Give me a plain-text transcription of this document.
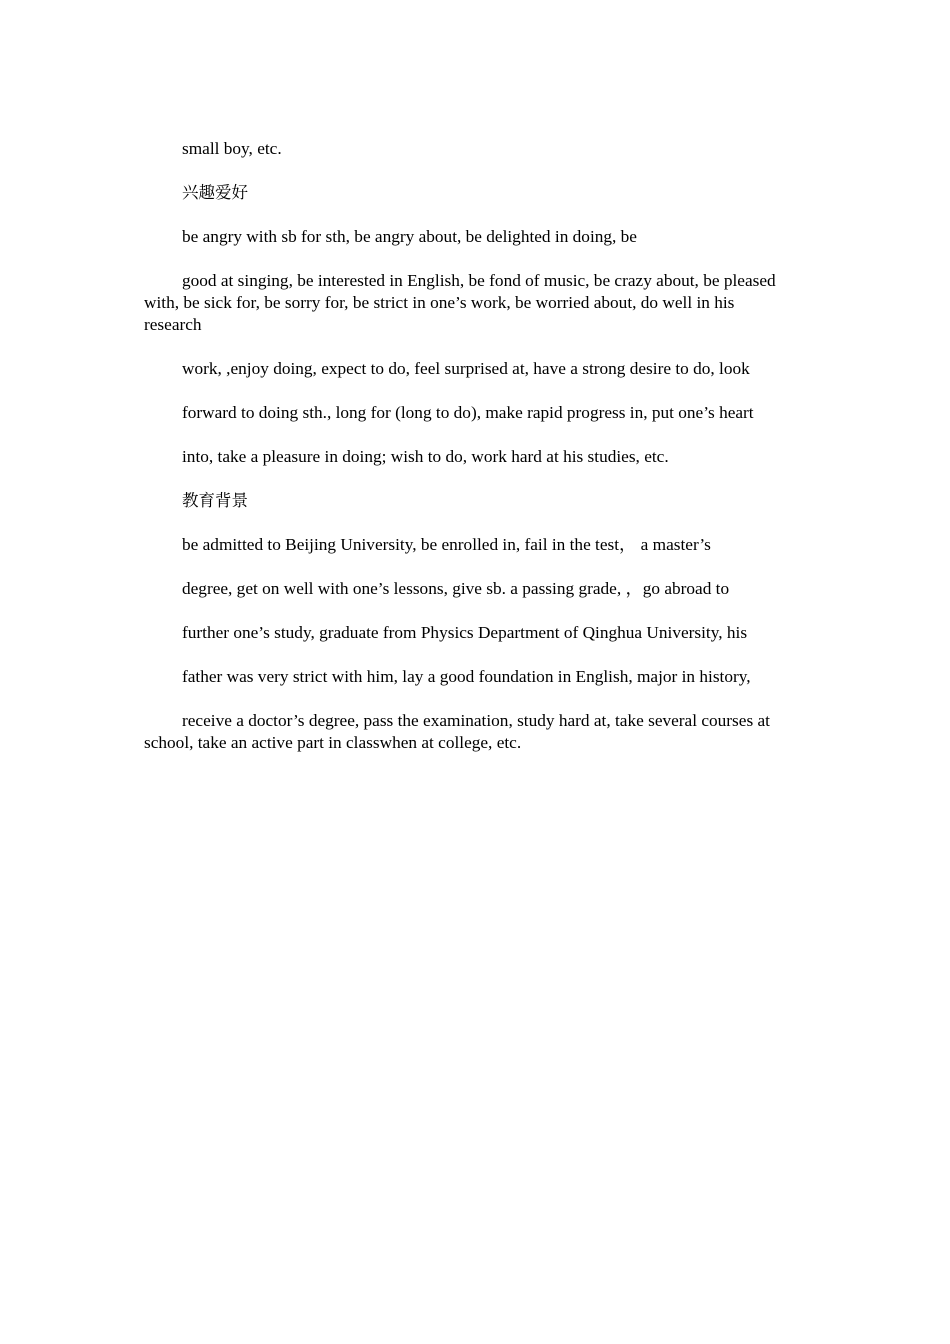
small boy, etc.

兴趣爱好

be angry with sb for sth, be angry about, be delighted in doing, be

good at singing, be interested in English, be fond of music, be crazy about, be pleased with, be sick for, be sorry for, be strict in one’s work, be worried about, do well in his research

work, ,enjoy doing, expect to do, feel surprised at, have a strong desire to do, look

forward to doing sth., long for (long to do), make rapid progress in, put one’s heart

into, take a pleasure in doing; wish to do, work hard at his studies, etc.

教育背景

be admitted to Beijing University, be enrolled in, fail in the test， a master’s

degree, get on well with one’s lessons, give sb. a passing grade, ，go abroad to

further one’s study, graduate from Physics Department of Qinghua University, his

father was very strict with him, lay a good foundation in English, major in history,

receive a doctor’s degree, pass the examination, study hard at, take several courses at school, take an active part in classwhen at college, etc.
